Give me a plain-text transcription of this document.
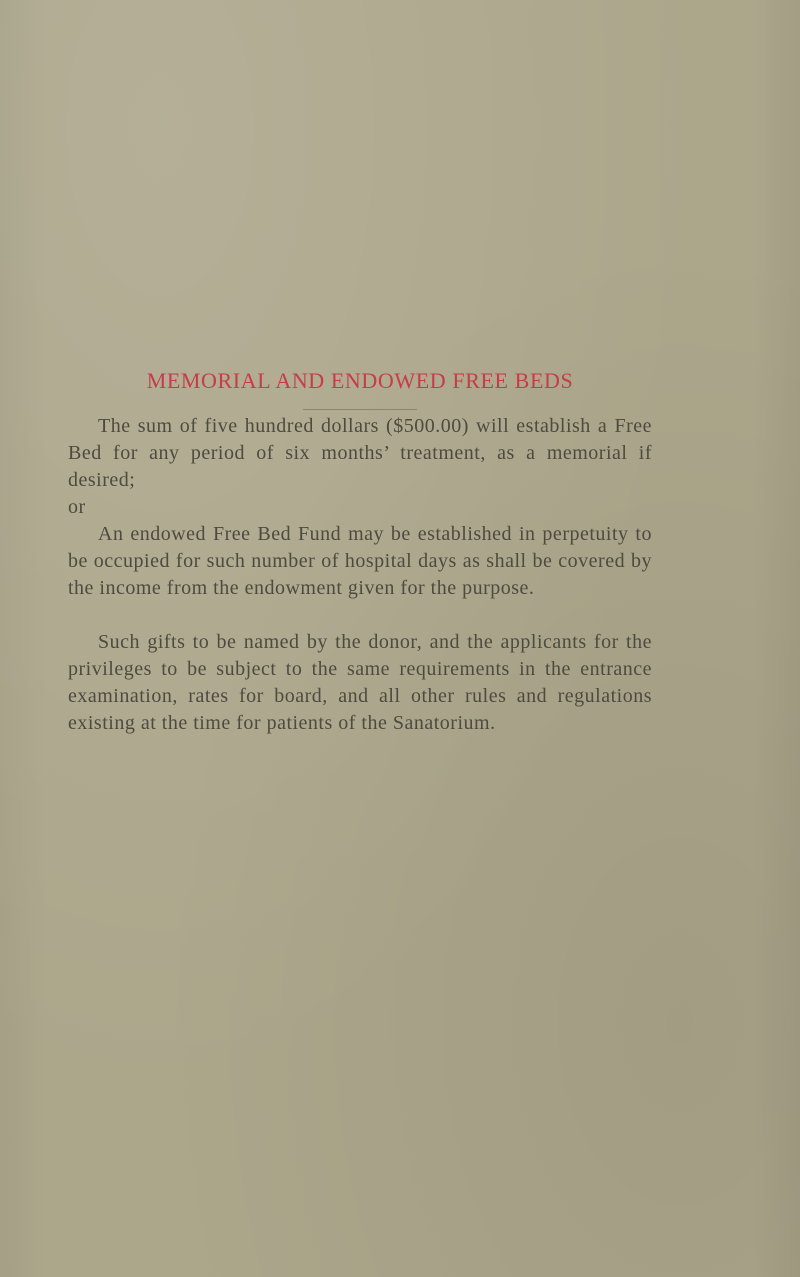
MEMORIAL AND ENDOWED FREE BEDS

The sum of five hundred dollars ($500.00) will establish a Free Bed for any period of six months’ treatment, as a memorial if desired;

or

An endowed Free Bed Fund may be established in perpetuity to be occupied for such number of hospital days as shall be covered by the income from the endowment given for the purpose.

Such gifts to be named by the donor, and the applicants for the privileges to be subject to the same requirements in the entrance examination, rates for board, and all other rules and regulations existing at the time for patients of the Sanatorium.
